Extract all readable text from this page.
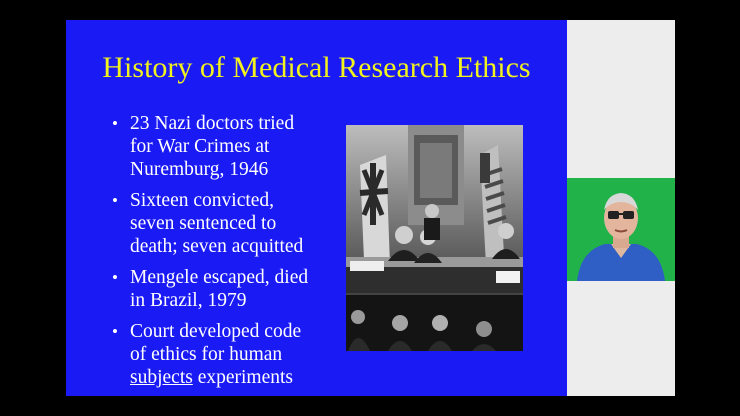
History of Medical Research Ethics
• 23 Nazi doctors tried
for War Crimes at
Nuremburg, 1946
• Sixteen convicted,
seven sentenced to
death; seven acquitted
• Mengele escaped, died
in Brazil, 1979
• Court developed code
of ethics for human
subjects experiments
